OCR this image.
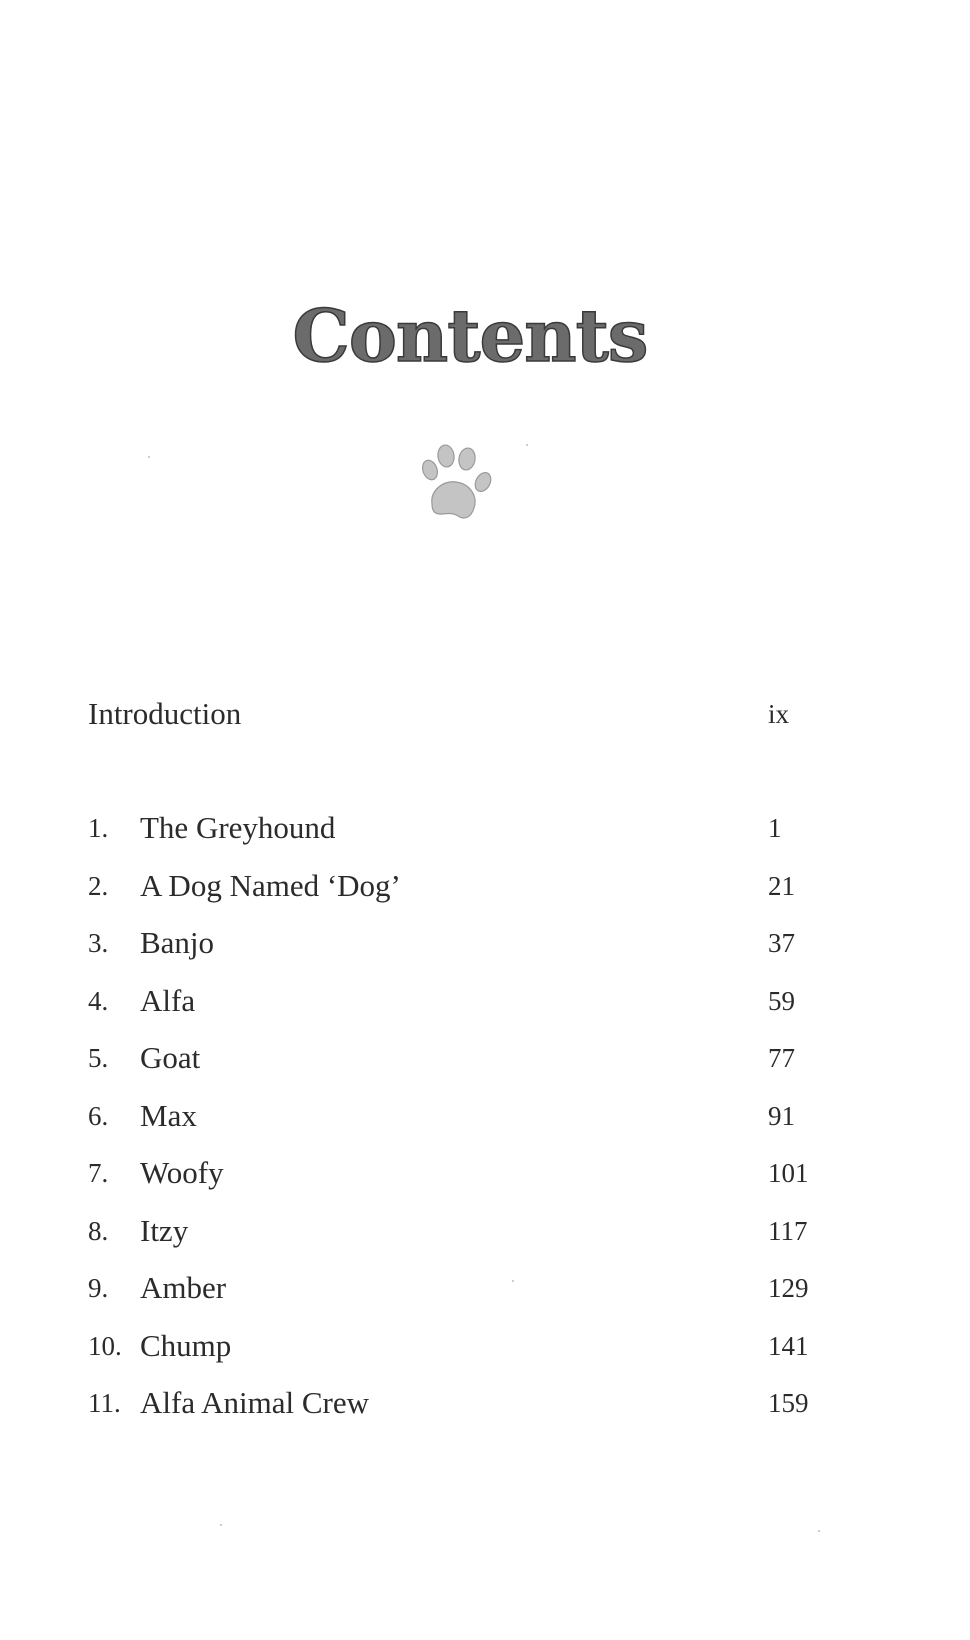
Contents
Introduction	ix
1.	The Greyhound	1
2.	A Dog Named ‘Dog’	21
3.	Banjo	37
4.	Alfa	59
5.	Goat	77
6.	Max	91
7.	Woofy	101
8.	Itzy	117
9.	Amber	129
10. Chump	141
11. Alfa Animal Crew	159
